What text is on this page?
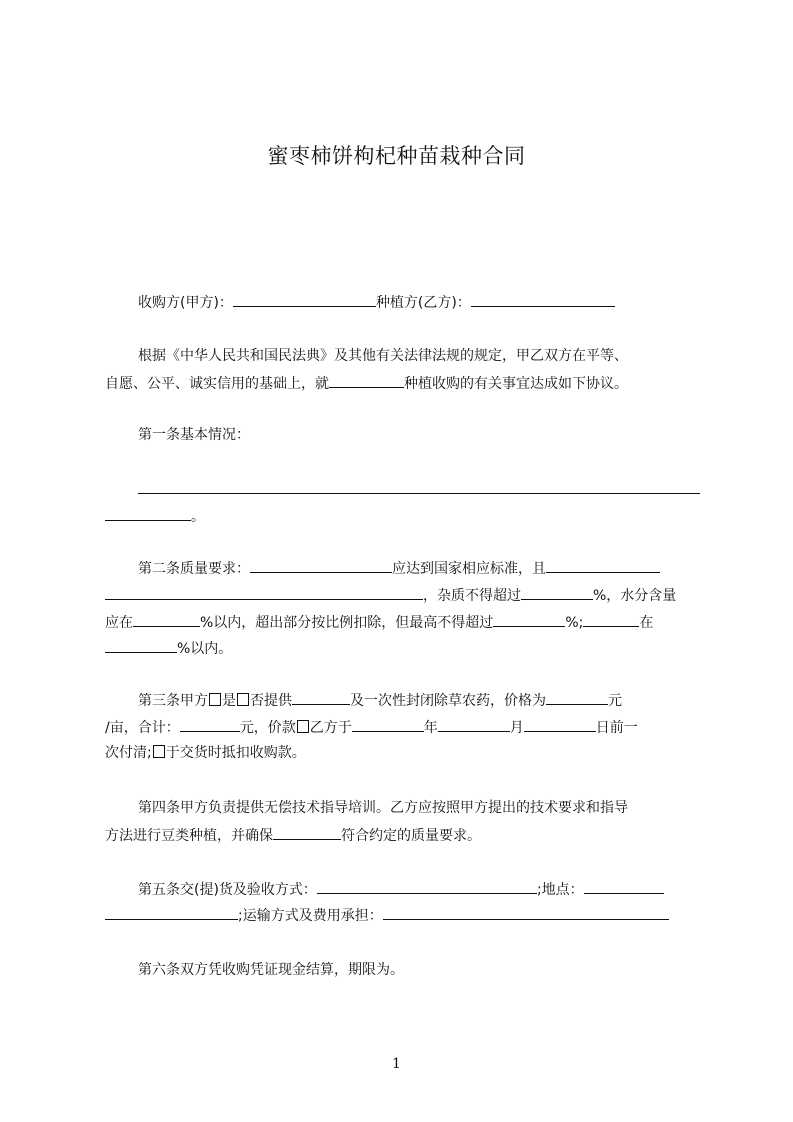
蜜枣柿饼枸杞种苗栽种合同
收购方(甲方)：	种植方(乙方)：
根据《中华人民共和国民法典》及其他有关法律法规的规定，甲乙双方在平等、
自愿、公平、诚实信用的基础上，就	种植收购的有关事宜达成如下协议。
第一条基本情况：
。
第二条质量要求：	应达到国家相应标准，且
，杂质不得超过	%，水分含量
应在	%以内，超出部分按比例扣除，但最高不得超过	%;	在
%以内。
第三条甲方 是 否提供	及一次性封闭除草农药，价格为	元
/亩，合计：	元，价款 乙方于	年	月	日前一
次付清; 于交货时抵扣收购款。
第四条甲方负责提供无偿技术指导培训。乙方应按照甲方提出的技术要求和指导
方法进行豆类种植，并确保	符合约定的质量要求。
第五条交(提)货及验收方式：	;地点：
;运输方式及费用承担：
第六条双方凭收购凭证现金结算，期限为。
1
